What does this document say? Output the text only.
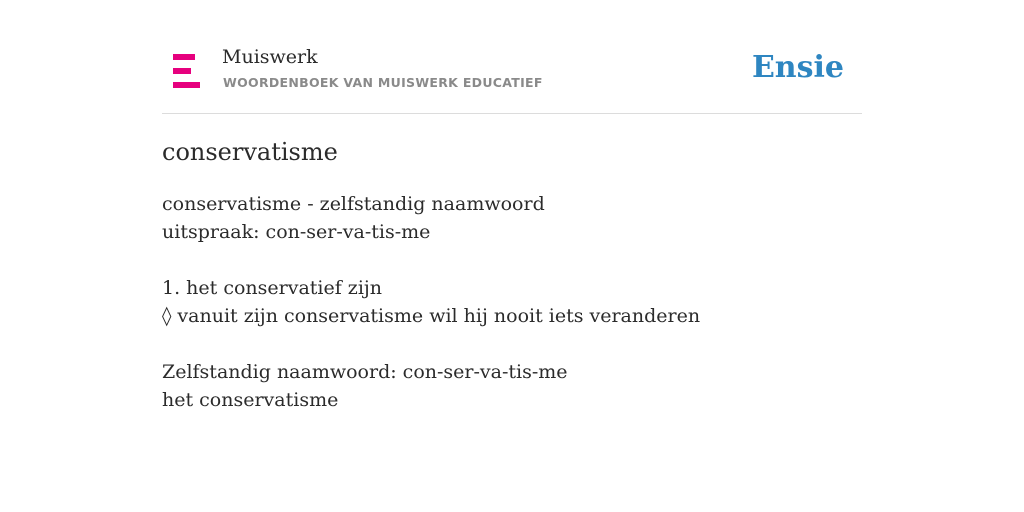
Muiswerk
WOORDENBOEK VAN MUISWERK EDUCATIEF	Ensie
conservatisme
conservatisme - zelfstandig naamwoord
uitspraak: con-ser-va-tis-me
1. het conservatief zijn
◊ vanuit zijn conservatisme wil hij nooit iets veranderen
Zelfstandig naamwoord: con-ser-va-tis-me
het conservatisme
